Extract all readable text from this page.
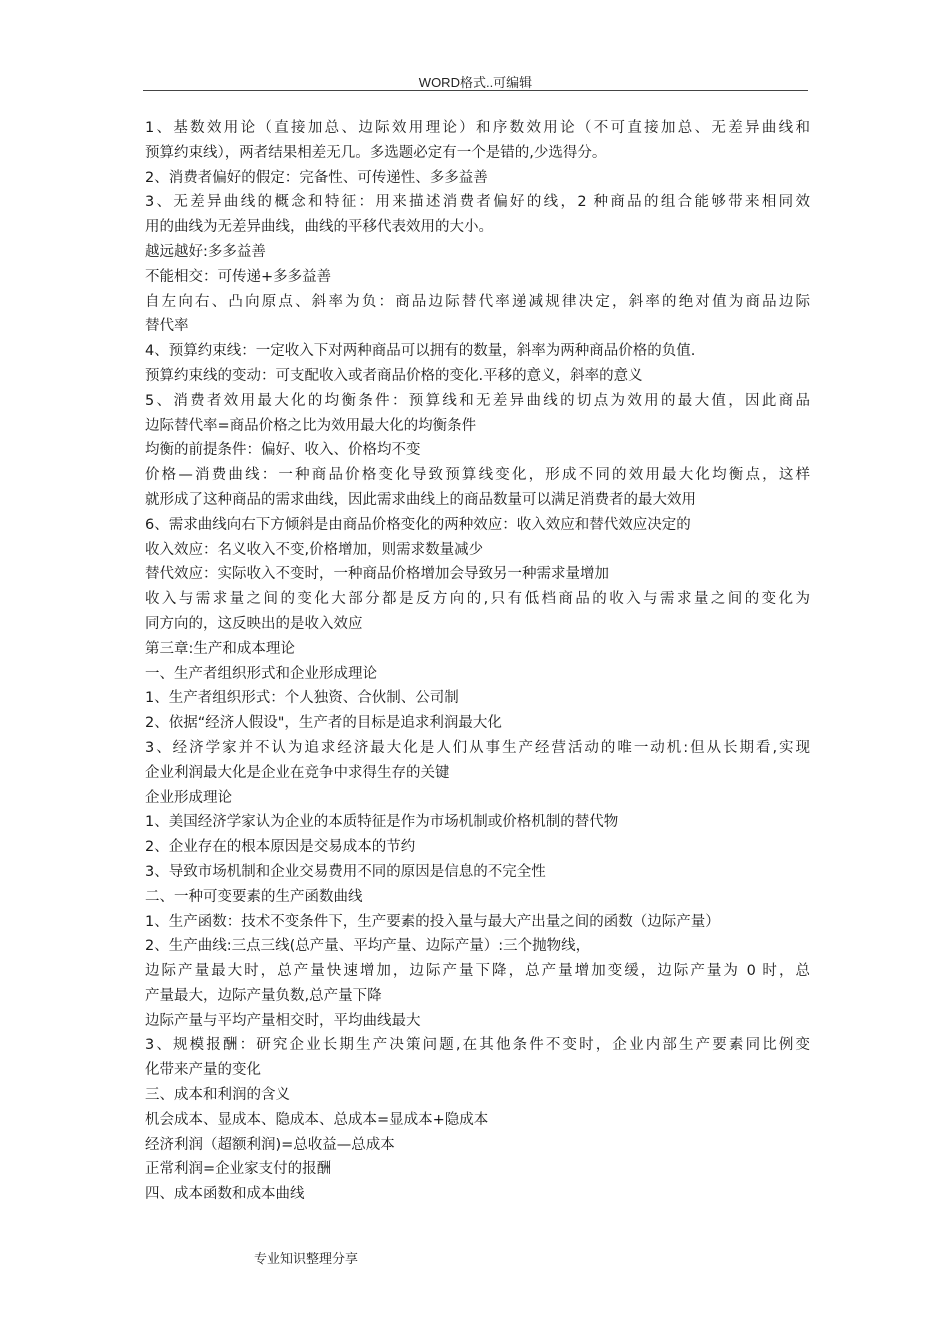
WORD格式..可编辑
1、基数效用论（直接加总、边际效用理论）和序数效用论（不可直接加总、无差异曲线和
预算约束线），两者结果相差无几。多选题必定有一个是错的,少选得分。
2、消费者偏好的假定：完备性、可传递性、多多益善
3、无差异曲线的概念和特征：用来描述消费者偏好的线，2 种商品的组合能够带来相同效
用的曲线为无差异曲线，曲线的平移代表效用的大小。
越远越好:多多益善
不能相交：可传递+多多益善
自左向右、凸向原点、斜率为负：商品边际替代率递减规律决定，斜率的绝对值为商品边际
替代率
4、预算约束线：一定收入下对两种商品可以拥有的数量，斜率为两种商品价格的负值.
预算约束线的变动：可支配收入或者商品价格的变化.平移的意义，斜率的意义
5、消费者效用最大化的均衡条件：预算线和无差异曲线的切点为效用的最大值，因此商品
边际替代率=商品价格之比为效用最大化的均衡条件
均衡的前提条件：偏好、收入、价格均不变
价格—消费曲线：一种商品价格变化导致预算线变化，形成不同的效用最大化均衡点，这样
就形成了这种商品的需求曲线，因此需求曲线上的商品数量可以满足消费者的最大效用
6、需求曲线向右下方倾斜是由商品价格变化的两种效应：收入效应和替代效应决定的
收入效应：名义收入不变,价格增加，则需求数量减少
替代效应：实际收入不变时，一种商品价格增加会导致另一种需求量增加
收入与需求量之间的变化大部分都是反方向的,只有低档商品的收入与需求量之间的变化为
同方向的，这反映出的是收入效应
第三章:生产和成本理论
一、生产者组织形式和企业形成理论
1、生产者组织形式：个人独资、合伙制、公司制
2、依据“经济人假设"，生产者的目标是追求利润最大化
3、经济学家并不认为追求经济最大化是人们从事生产经营活动的唯一动机:但从长期看,实现
企业利润最大化是企业在竞争中求得生存的关键
企业形成理论
1、美国经济学家认为企业的本质特征是作为市场机制或价格机制的替代物
2、企业存在的根本原因是交易成本的节约
3、导致市场机制和企业交易费用不同的原因是信息的不完全性
二、一种可变要素的生产函数曲线
1、生产函数：技术不变条件下，生产要素的投入量与最大产出量之间的函数（边际产量）
2、生产曲线:三点三线(总产量、平均产量、边际产量）:三个抛物线，
边际产量最大时，总产量快速增加，边际产量下降，总产量增加变缓，边际产量为 0 时，总
产量最大，边际产量负数,总产量下降
边际产量与平均产量相交时，平均曲线最大
3、规模报酬：研究企业长期生产决策问题,在其他条件不变时，企业内部生产要素同比例变
化带来产量的变化
三、成本和利润的含义
机会成本、显成本、隐成本、总成本=显成本+隐成本
经济利润（超额利润)=总收益—总成本
正常利润=企业家支付的报酬
四、成本函数和成本曲线
专业知识整理分享
